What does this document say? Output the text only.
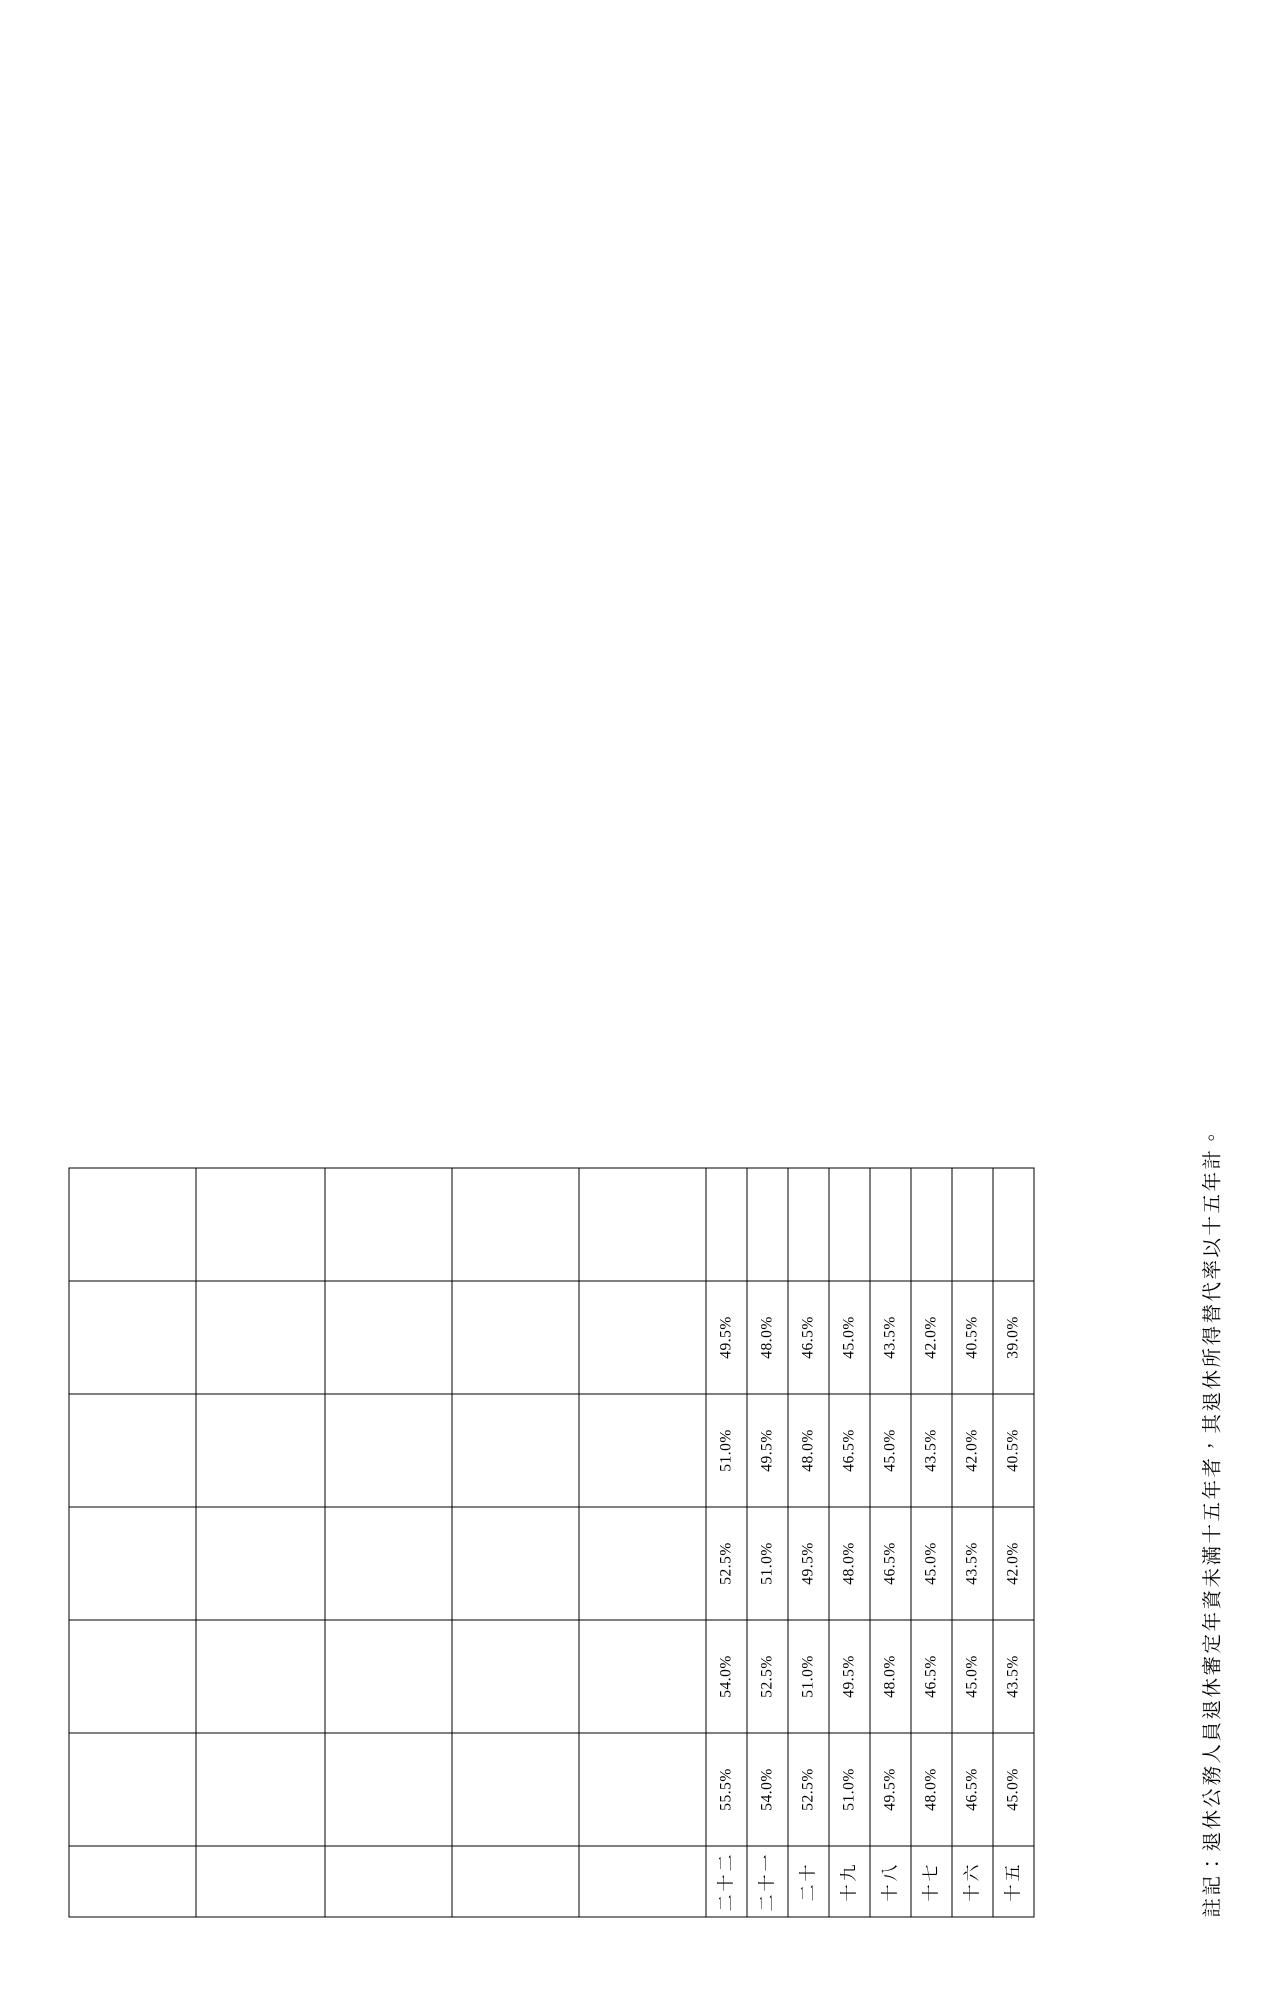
二十二	55.5%	54.0%	52.5%	51.0%	49.5%	
二十一	54.0%	52.5%	51.0%	49.5%	48.0%	
二十	52.5%	51.0%	49.5%	48.0%	46.5%	
十九	51.0%	49.5%	48.0%	46.5%	45.0%	
十八	49.5%	48.0%	46.5%	45.0%	43.5%	
十七	48.0%	46.5%	45.0%	43.5%	42.0%	
十六	46.5%	45.0%	43.5%	42.0%	40.5%	
十五	45.0%	43.5%	42.0%	40.5%	39.0%		註記：退休公務人員退休審定年資未滿十五年者，其退休所得替代率以十五年計。
